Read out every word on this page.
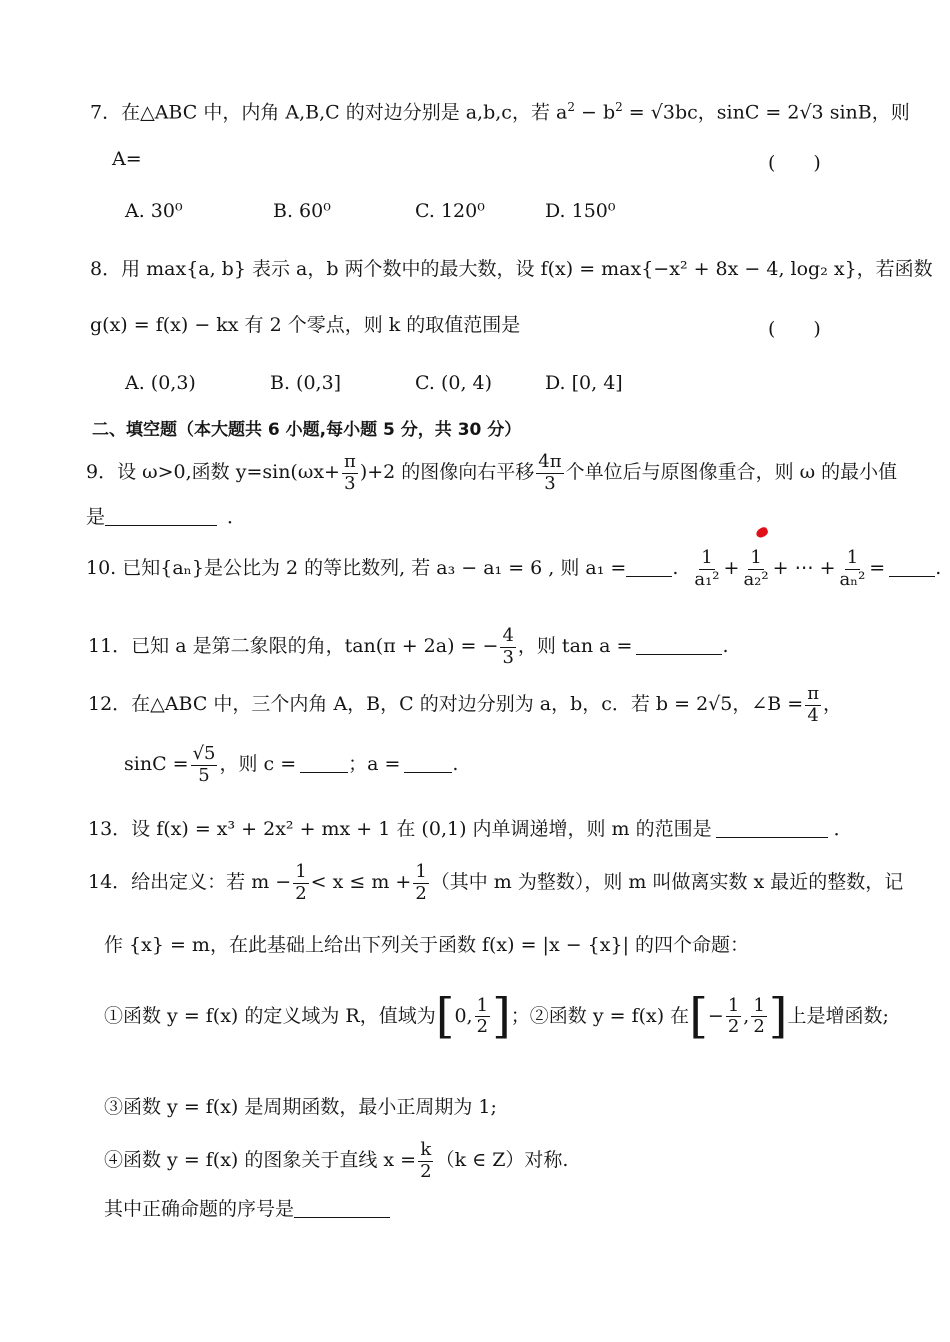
7．在△ABC 中，内角 A,B,C 的对边分别是 a,b,c，若 $a^2 - b^2 = √3bc$，sinC = 2√3 sinB，则
A=	(　　)
A. 30⁰	B. 60⁰	C. 120⁰	D. 150⁰
8．用 max{a, b} 表示 a，b 两个数中的最大数，设 f(x) = max{−x² + 8x − 4, log₂ x}，若函数
g(x) = f(x) − kx 有 2 个零点，则 k 的取值范围是	(　　)
A. (0,3)	B. (0,3]	C. (0, 4)	D. [0, 4]
二、填空题（本大题共 6 小题,每小题 5 分，共 30 分）
9．设 ω>0,函数 $y=\sin(\omega x+ \frac{\pi}{3} )+2$ 的图像向右平移 $\frac{4\pi}{3}$ 个单位后与原图像重合，则 ω 的最小值
是	．
10. 已知{aₙ}是公比为 2 的等比数列, 若 a₃ − a₁ = 6 , 则 a₁ = . $\frac{1}{\text{a₁²}} + \frac{1}{\text{a₂²}}$ + ⋯ + $\frac{1}{\text{aₙ²}}$ =	.
11．已知 a 是第二象限的角，tan(π + 2a) = − $\frac{4}{3}$ ，则 tan a =	.
12．在△ABC 中，三个内角 A，B，C 的对边分别为 a，b，c．若 b = 2√5，∠B = $\frac{\pi}{4}$ ，
$\sin C = \frac{√5}{5}$ ，则 c =	；a =	.
13．设 f(x) = x³ + 2x² + mx + 1 在 (0,1) 内单调递增，则 m 的范围是	．
14．给出定义：若 $m - \frac{1}{2} < x \le m + \frac{1}{2}$ （其中 m 为整数），则 m 叫做离实数 x 最近的整数，记
作 {x} = m，在此基础上给出下列关于函数 f(x) = |x − {x}| 的四个命题：
①函数 y = f(x) 的定义域为 R，值域为[0, $\frac{1}{2}$ ]；②函数 y = f(x) 在[− $\frac{1}{2}$ , $\frac{1}{2}$ ]上是增函数;
③函数 y = f(x) 是周期函数，最小正周期为 1;
④函数 y = f(x) 的图象关于直线 $x = \frac{k}{2} (k$ ∈ Z）对称.
其中正确命题的序号是
